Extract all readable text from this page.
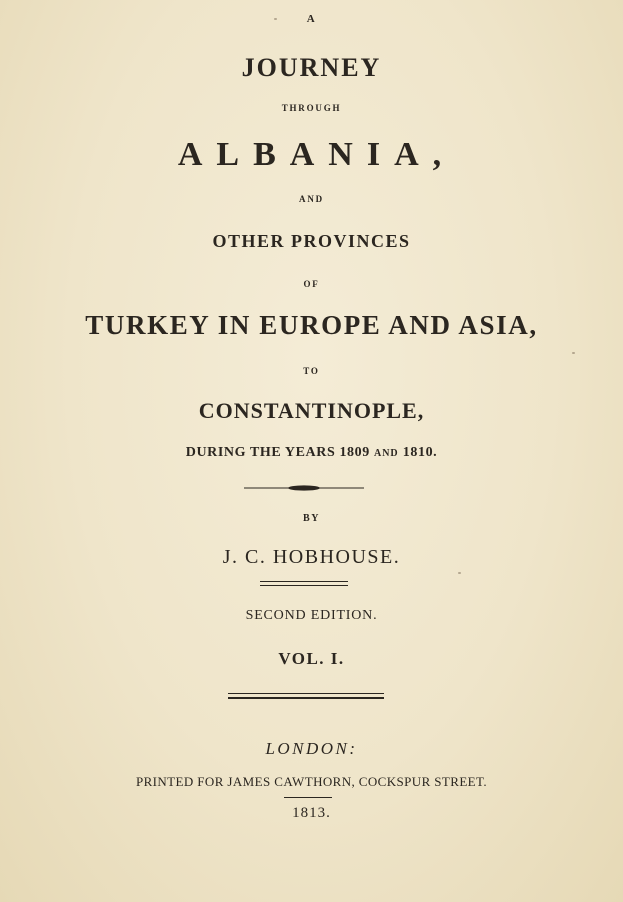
A
JOURNEY
THROUGH
ALBANIA,
AND
OTHER PROVINCES
OF
TURKEY IN EUROPE AND ASIA,
TO
CONSTANTINOPLE,
DURING THE YEARS 1809 AND 1810.
BY
J. C. HOBHOUSE.
SECOND EDITION.
VOL. I.
LONDON:
PRINTED FOR JAMES CAWTHORN, COCKSPUR STREET.
1813.
